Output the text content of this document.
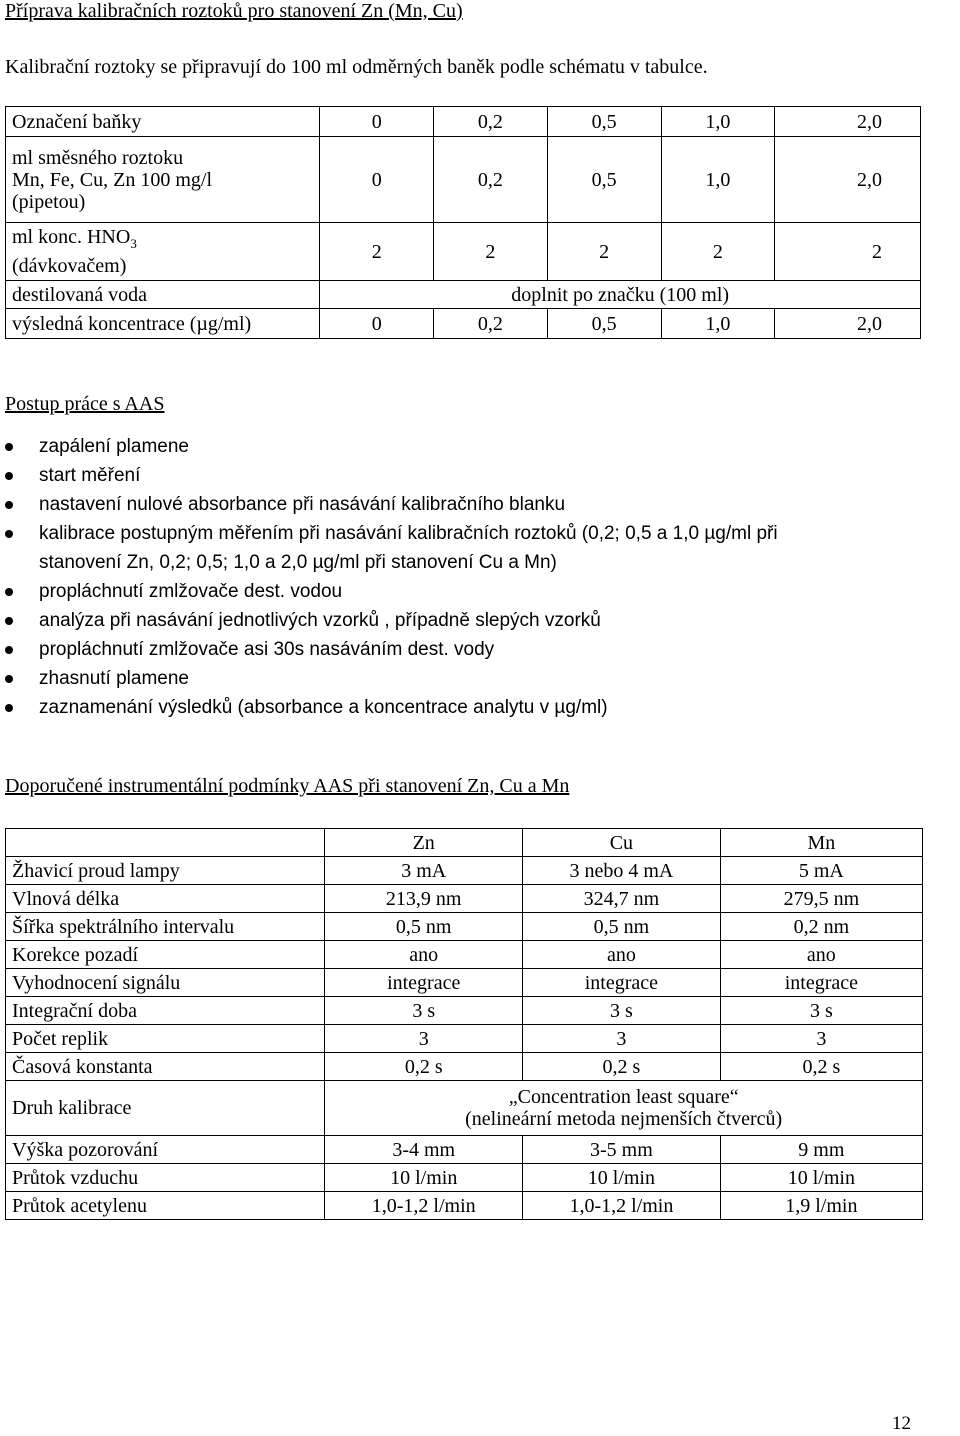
Příprava kalibračních roztoků pro stanovení Zn (Mn, Cu)
Kalibrační roztoky se připravují do 100 ml odměrných baněk podle schématu v tabulce.
Označení baňky	0	0,2	0,5	1,0	2,0

ml směsného roztoku
Mn, Fe, Cu, Zn 100 mg/l
(pipetou)	0	0,2	0,5	1,0	2,0

ml konc. $HNO_3$
(dávkovačem)	2	2	2	2	2
destilovaná voda	doplnit po značku (100 ml)				
výsledná koncentrace (µg/ml)	0	0,2	0,5	1,0	2,0
Postup práce s AAS
zapálení plamene
start měření
nastavení nulové absorbance při nasávání kalibračního blanku
kalibrace postupným měřením při nasávání kalibračních roztoků (0,2; 0,5 a 1,0 µg/ml při
stanovení Zn, 0,2; 0,5; 1,0 a 2,0 µg/ml při stanovení Cu a Mn)
propláchnutí zmlžovače dest. vodou
analýza při nasávání jednotlivých vzorků , případně slepých vzorků
propláchnutí zmlžovače asi 30s nasáváním dest. vody
zhasnutí plamene
zaznamenání výsledků (absorbance a koncentrace analytu v µg/ml)
Doporučené instrumentální podmínky AAS při stanovení Zn, Cu a Mn
	Zn	Cu	Mn
Žhavicí proud lampy	3 mA	3 nebo 4 mA	5 mA
Vlnová délka	213,9 nm	324,7 nm	279,5 nm
Šířka spektrálního intervalu	0,5 nm	0,5 nm	0,2 nm
Korekce pozadí	ano	ano	ano
Vyhodnocení signálu	integrace	integrace	integrace
Integrační doba	3 s	3 s	3 s
Počet replik	3	3	3
Časová konstanta	0,2 s	0,2 s	0,2 s
Druh kalibrace	„Concentration least square“
(nelineární metoda nejmenších čtverců)		

Výška pozorování	3-4 mm	3-5 mm	9 mm
Průtok vzduchu	10 l/min	10 l/min	10 l/min
Průtok acetylenu	1,0-1,2 l/min	1,0-1,2 l/min	1,9 l/min
12
